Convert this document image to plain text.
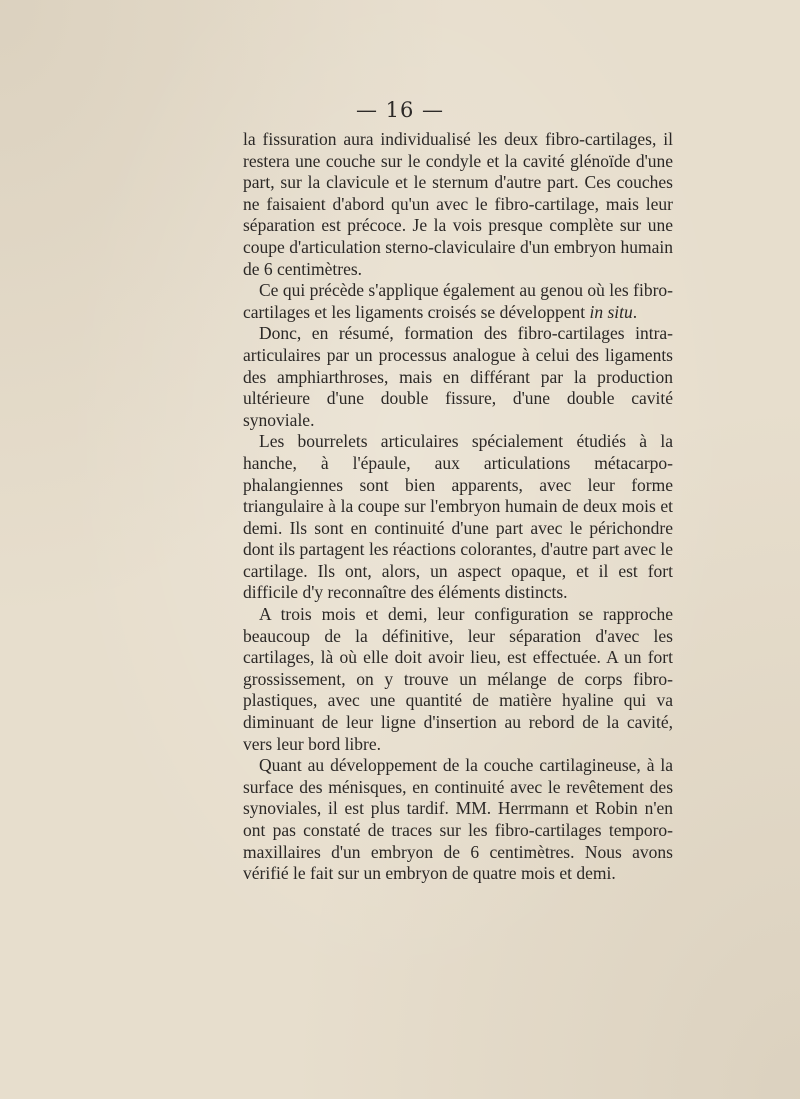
— 16 —

la fissuration aura individualisé les deux fibro-cartilages, il restera une couche sur le condyle et la cavité glénoïde d'une part, sur la clavicule et le sternum d'autre part. Ces couches ne faisaient d'abord qu'un avec le fibro-cartilage, mais leur séparation est précoce. Je la vois presque complète sur une coupe d'articulation sterno-claviculaire d'un embryon humain de 6 centimètres.

Ce qui précède s'applique également au genou où les fibro-cartilages et les ligaments croisés se développent in situ.

Donc, en résumé, formation des fibro-cartilages intra-articulaires par un processus analogue à celui des ligaments des amphiarthroses, mais en différant par la production ultérieure d'une double fissure, d'une double cavité synoviale.

Les bourrelets articulaires spécialement étudiés à la hanche, à l'épaule, aux articulations métacarpo-phalangiennes sont bien apparents, avec leur forme triangulaire à la coupe sur l'embryon humain de deux mois et demi. Ils sont en continuité d'une part avec le périchondre dont ils partagent les réactions colorantes, d'autre part avec le cartilage. Ils ont, alors, un aspect opaque, et il est fort difficile d'y reconnaître des éléments distincts.

A trois mois et demi, leur configuration se rapproche beaucoup de la définitive, leur séparation d'avec les cartilages, là où elle doit avoir lieu, est effectuée. A un fort grossissement, on y trouve un mélange de corps fibro-plastiques, avec une quantité de matière hyaline qui va diminuant de leur ligne d'insertion au rebord de la cavité, vers leur bord libre.

Quant au développement de la couche cartilagineuse, à la surface des ménisques, en continuité avec le revêtement des synoviales, il est plus tardif. MM. Herrmann et Robin n'en ont pas constaté de traces sur les fibro-cartilages temporo-maxillaires d'un embryon de 6 centimètres. Nous avons vérifié le fait sur un embryon de quatre mois et demi.
